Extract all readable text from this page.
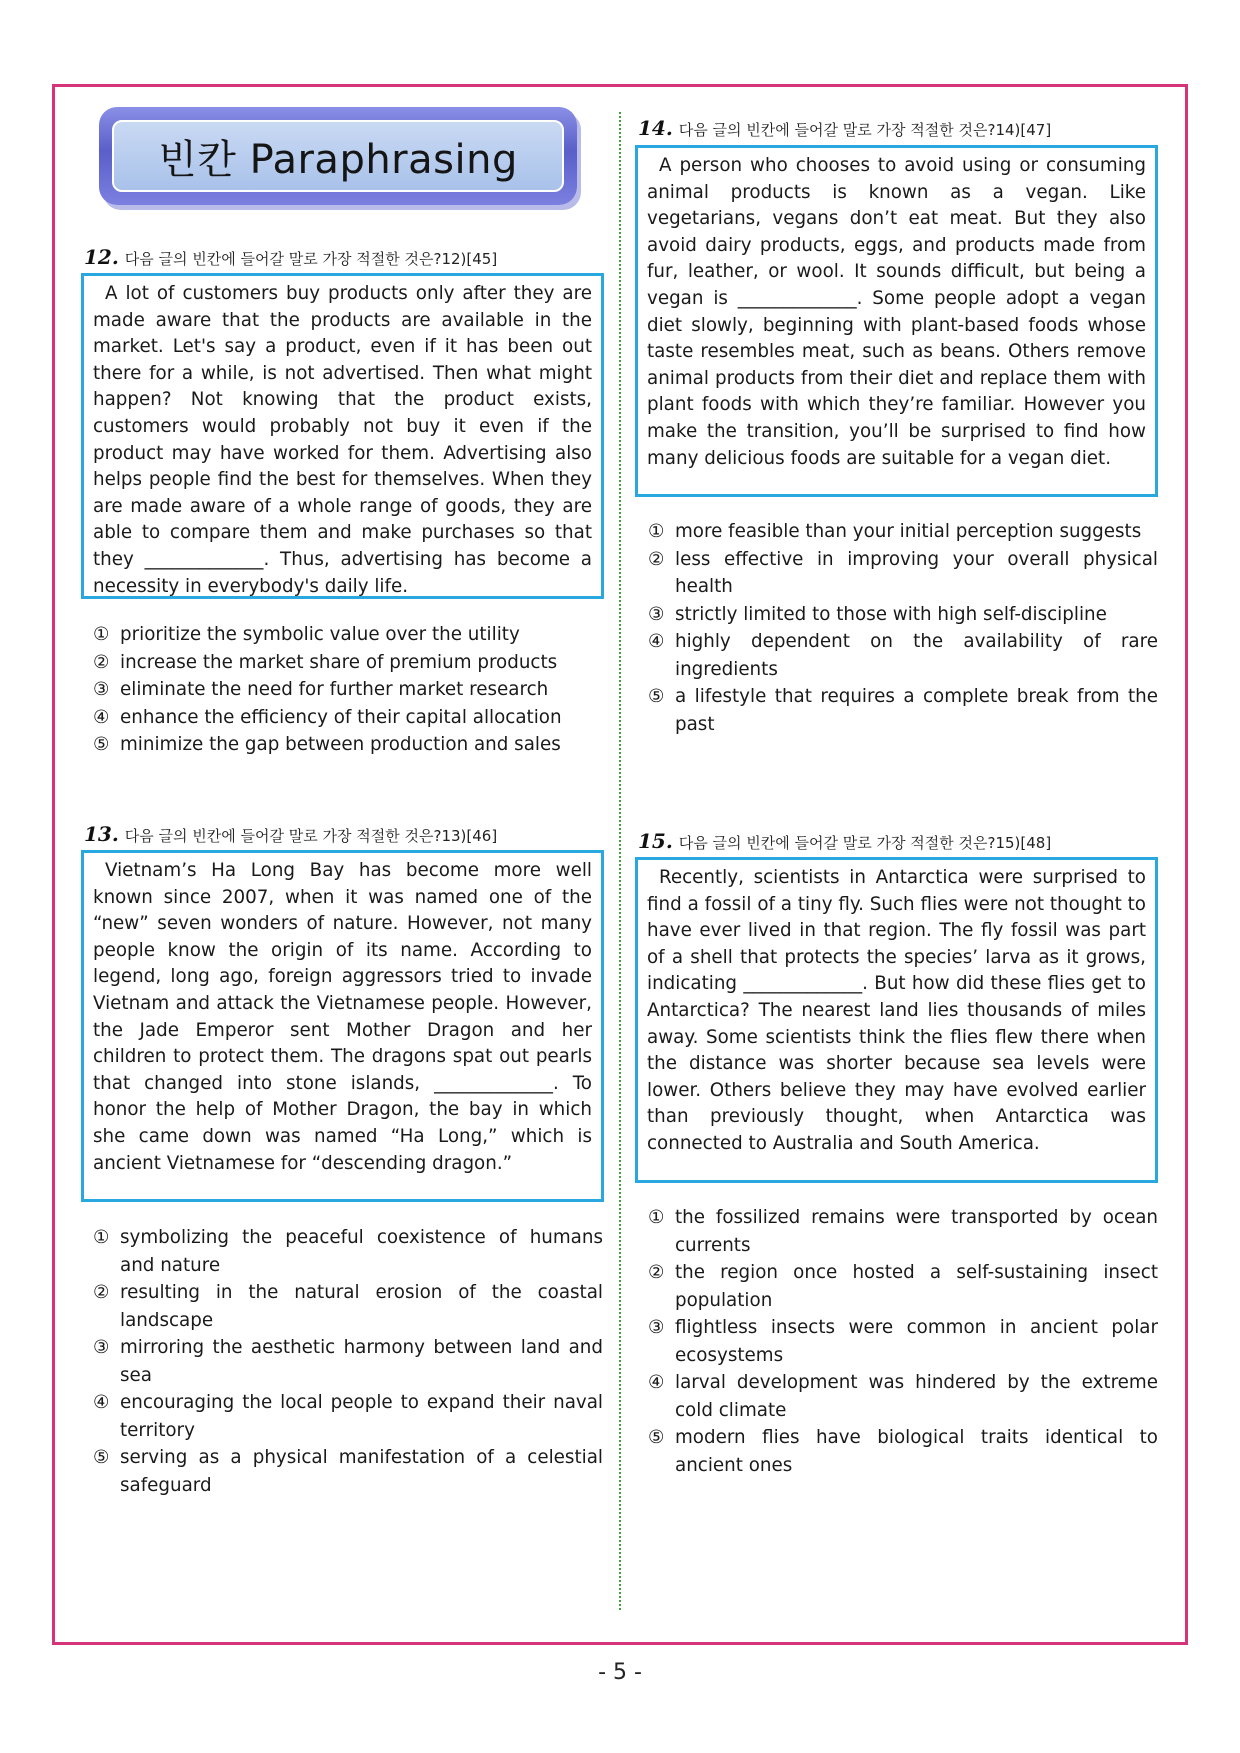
빈칸 Paraphrasing
12. 다음 글의 빈칸에 들어갈 말로 가장 적절한 것은? 12)[45]
A lot of customers buy products only after they are made aware that the products are available in the market. Let's say a product, even if it has been out there for a while, is not advertised. Then what might happen? Not knowing that the product exists, customers would probably not buy it even if the product may have worked for them. Advertising also helps people find the best for themselves. When they are made aware of a whole range of goods, they are able to compare them and make purchases so that they _____________. Thus, advertising has become a necessity in everybody's daily life.
① prioritize the symbolic value over the utility
② increase the market share of premium products
③ eliminate the need for further market research
④ enhance the efficiency of their capital allocation
⑤ minimize the gap between production and sales
13. 다음 글의 빈칸에 들어갈 말로 가장 적절한 것은? 13)[46]
Vietnam’s Ha Long Bay has become more well known since 2007, when it was named one of the “new” seven wonders of nature. However, not many people know the origin of its name. According to legend, long ago, foreign aggressors tried to invade Vietnam and attack the Vietnamese people. However, the Jade Emperor sent Mother Dragon and her children to protect them. The dragons spat out pearls that changed into stone islands, _____________. To honor the help of Mother Dragon, the bay in which she came down was named “Ha Long,” which is ancient Vietnamese for “descending dragon.”
① symbolizing the peaceful coexistence of humans and nature
② resulting in the natural erosion of the coastal landscape
③ mirroring the aesthetic harmony between land and sea
④ encouraging the local people to expand their naval territory
⑤ serving as a physical manifestation of a celestial safeguard
14. 다음 글의 빈칸에 들어갈 말로 가장 적절한 것은? 14)[47]
A person who chooses to avoid using or consuming animal products is known as a vegan. Like vegetarians, vegans don’t eat meat. But they also avoid dairy products, eggs, and products made from fur, leather, or wool. It sounds difficult, but being a vegan is _____________. Some people adopt a vegan diet slowly, beginning with plant-based foods whose taste resembles meat, such as beans. Others remove animal products from their diet and replace them with plant foods with which they’re familiar. However you make the transition, you’ll be surprised to find how many delicious foods are suitable for a vegan diet.
① more feasible than your initial perception suggests
② less effective in improving your overall physical health
③ strictly limited to those with high self-discipline
④ highly dependent on the availability of rare ingredients
⑤ a lifestyle that requires a complete break from the past
15. 다음 글의 빈칸에 들어갈 말로 가장 적절한 것은? 15)[48]
Recently, scientists in Antarctica were surprised to find a fossil of a tiny fly. Such flies were not thought to have ever lived in that region. The fly fossil was part of a shell that protects the species’ larva as it grows, indicating _____________. But how did these flies get to Antarctica? The nearest land lies thousands of miles away. Some scientists think the flies flew there when the distance was shorter because sea levels were lower. Others believe they may have evolved earlier than previously thought, when Antarctica was connected to Australia and South America.
① the fossilized remains were transported by ocean currents
② the region once hosted a self-sustaining insect population
③ flightless insects were common in ancient polar ecosystems
④ larval development was hindered by the extreme cold climate
⑤ modern flies have biological traits identical to ancient ones
- 5 -
